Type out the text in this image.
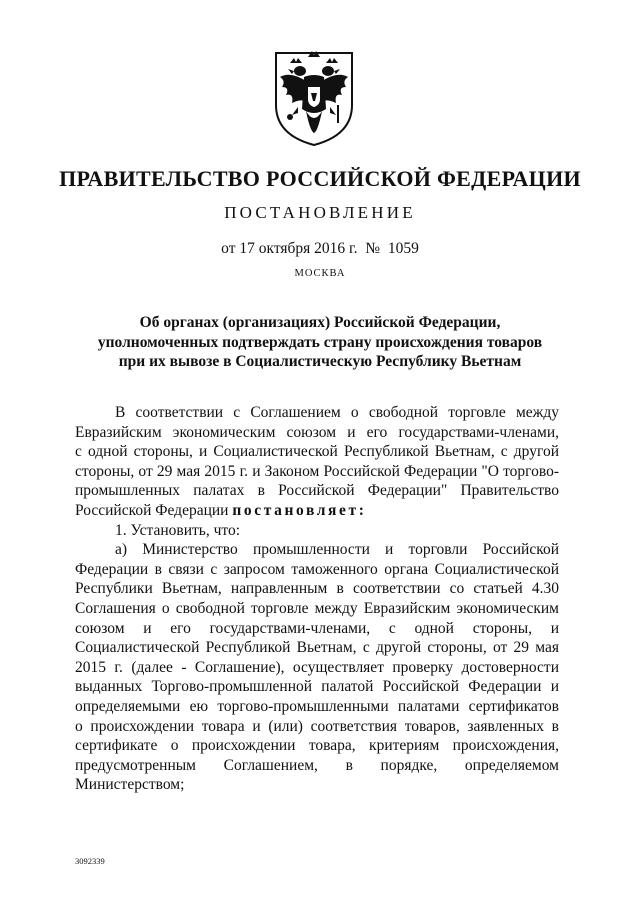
ПРАВИТЕЛЬСТВО РОССИЙСКОЙ ФЕДЕРАЦИИ
ПОСТАНОВЛЕНИЕ
от 17 октября 2016 г. № 1059
МОСКВА
Об органах (организациях) Российской Федерации,
уполномоченных подтверждать страну происхождения товаров
при их вывозе в Социалистическую Республику Вьетнам
В соответствии с Соглашением о свободной торговле между
Евразийским экономическим союзом и его государствами-членами,
с одной стороны, и Социалистической Республикой Вьетнам, с другой
стороны, от 29 мая 2015 г. и Законом Российской Федерации "О торгово-
промышленных палатах в Российской Федерации" Правительство
Российской Федерации постановляет:
1. Установить, что:
а) Министерство промышленности и торговли Российской
Федерации в связи с запросом таможенного органа Социалистической
Республики Вьетнам, направленным в соответствии со статьей 4.30
Соглашения о свободной торговле между Евразийским экономическим
союзом и его государствами-членами, с одной стороны, и
Социалистической Республикой Вьетнам, с другой стороны, от 29 мая
2015 г. (далее - Соглашение), осуществляет проверку достоверности
выданных Торгово-промышленной палатой Российской Федерации и
определяемыми ею торгово-промышленными палатами сертификатов
о происхождении товара и (или) соответствия товаров, заявленных в
сертификате о происхождении товара, критериям происхождения,
предусмотренным Соглашением, в порядке, определяемом
Министерством;
3092339
